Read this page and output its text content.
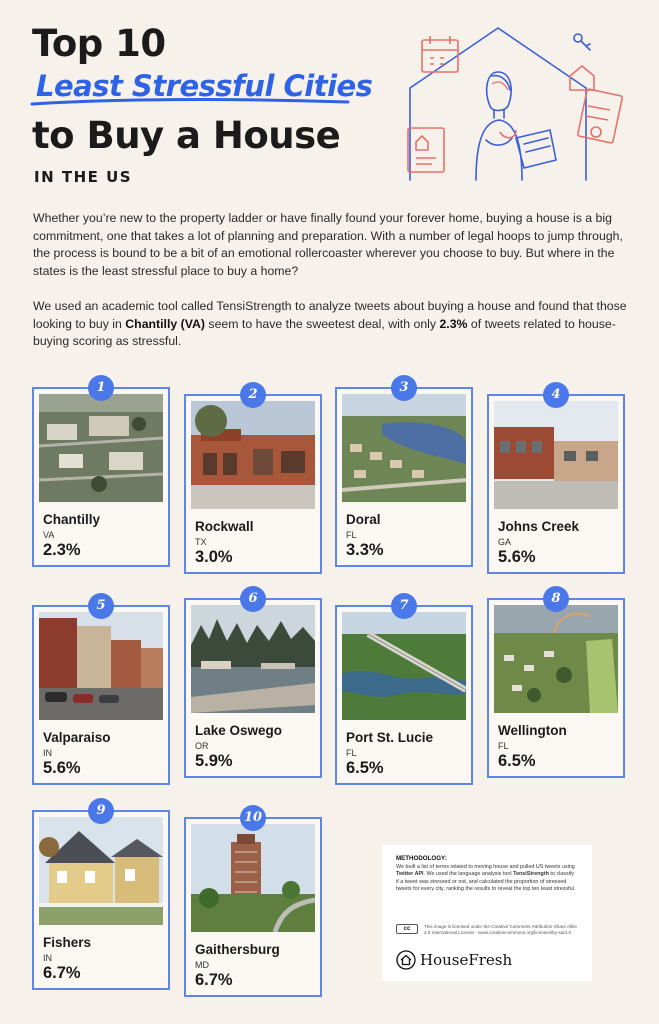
Top 10
Least Stressful Cities
to Buy a House
IN THE US
Whether you’re new to the property ladder or have finally found your forever home, buying a house is a big commitment, one that takes a lot of planning and preparation. With a number of legal hoops to jump through, the process is bound to be a bit of an emotional rollercoaster wherever you choose to buy. But where in the states is the least stressful place to buy a home?
We used an academic tool called TensiStrength to analyze tweets about buying a house and found that those looking to buy in Chantilly (VA) seem to have the sweetest deal, with only 2.3% of tweets related to house-buying scoring as stressful.
1
Chantilly
VA
2.3%
2
Rockwall
TX
3.0%
3
Doral
FL
3.3%
4
Johns Creek
GA
5.6%
5
Valparaiso
IN
5.6%
6
Lake Oswego
OR
5.9%
7
Port St. Lucie
FL
6.5%
8
Wellington
FL
6.5%
9
Fishers
IN
6.7%
10
Gaithersburg
MD
6.7%
METHODOLOGY:
We built a list of terms related to moving house and pulled US tweets using Twitter API. We used the language analysis tool TensiStrength to classify if a tweet was stressed or not, and calculated the proportion of stressed tweets for every city, ranking the results to reveal the top ten least stressful.
cc	This image is licensed under the Creative Commons Attribution-Share Alike 4.0 International License - www.creativecommons.org/licenses/by-sa/4.0
HouseFresh
